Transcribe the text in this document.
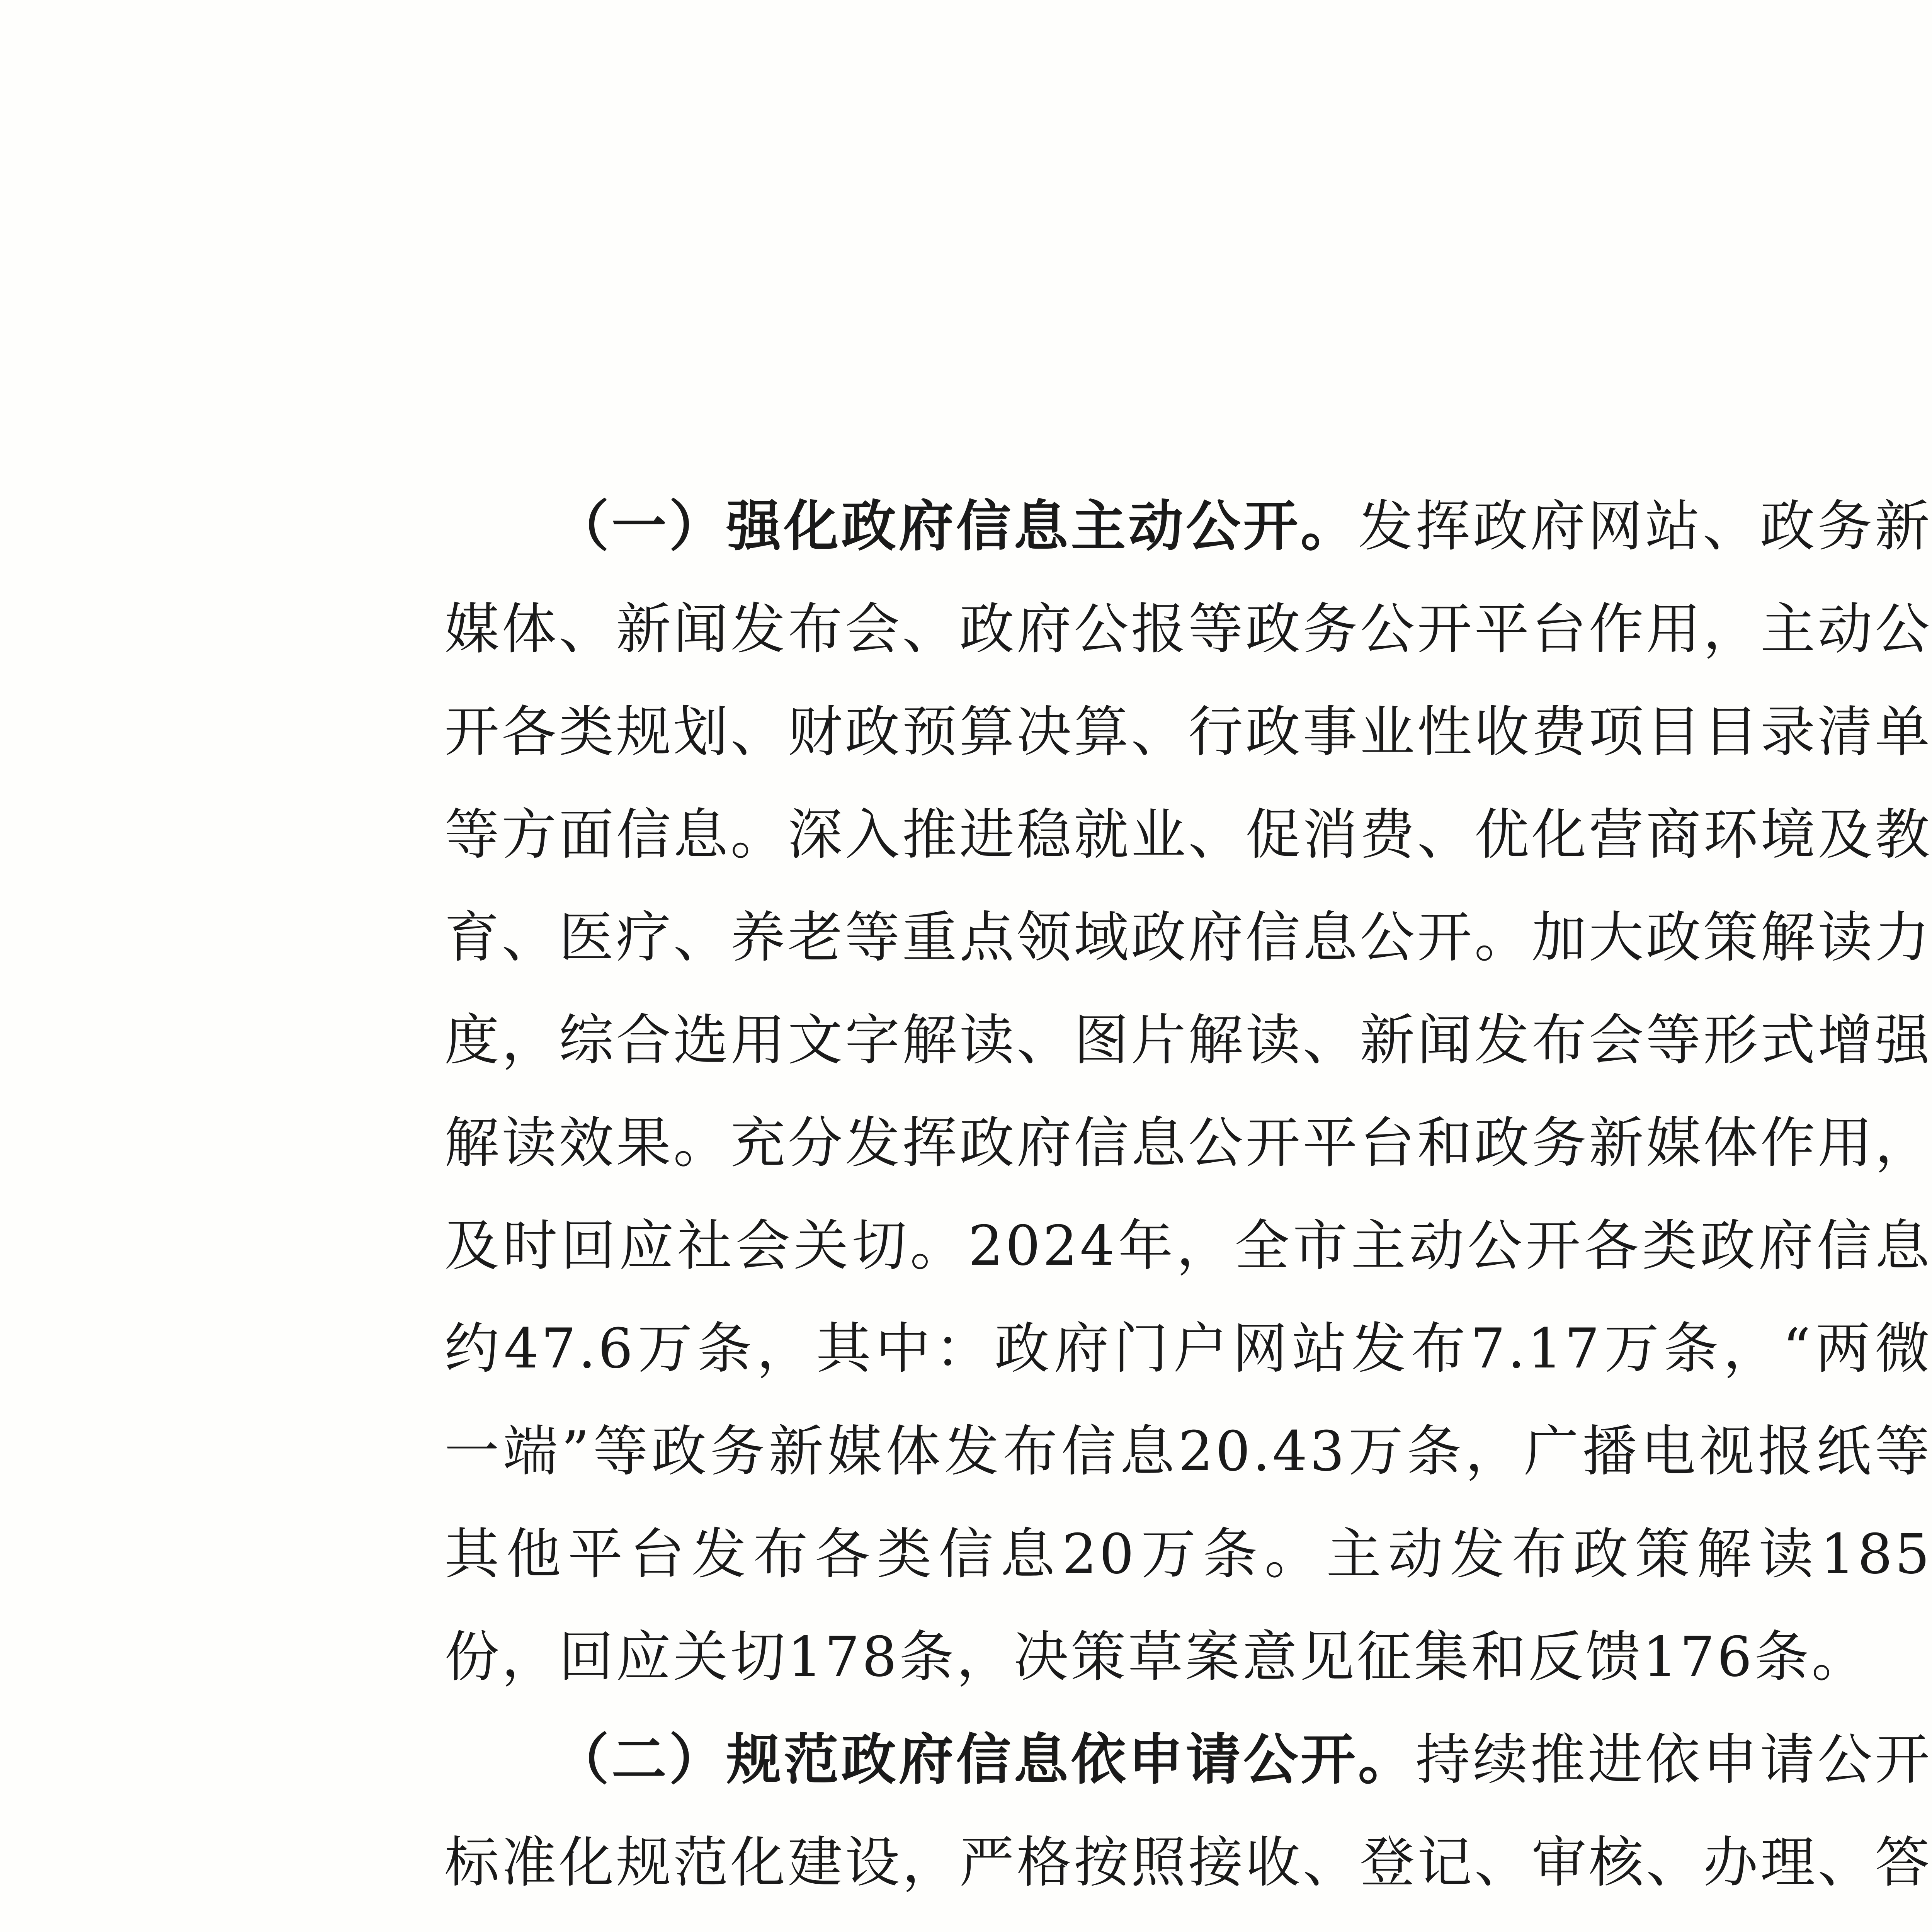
（一）强化政府信息主动公开。发挥政府网站、政务新媒体、新闻发布会、政府公报等政务公开平台作用，主动公开各类规划、财政预算决算、行政事业性收费项目目录清单等方面信息。深入推进稳就业、促消费、优化营商环境及教育、医疗、养老等重点领域政府信息公开。加大政策解读力度，综合选用文字解读、图片解读、新闻发布会等形式增强解读效果。充分发挥政府信息公开平台和政务新媒体作用，及时回应社会关切。2024年，全市主动公开各类政府信息约47.6万条，其中：政府门户网站发布7.17万条，“两微一端”等政务新媒体发布信息20.43万条，广播电视报纸等其他平台发布各类信息20万条。主动发布政策解读185份，回应关切178条，决策草案意见征集和反馈176条。

（二）规范政府信息依申请公开。持续推进依申请公开标准化规范化建设，严格按照接收、登记、审核、办理、答
